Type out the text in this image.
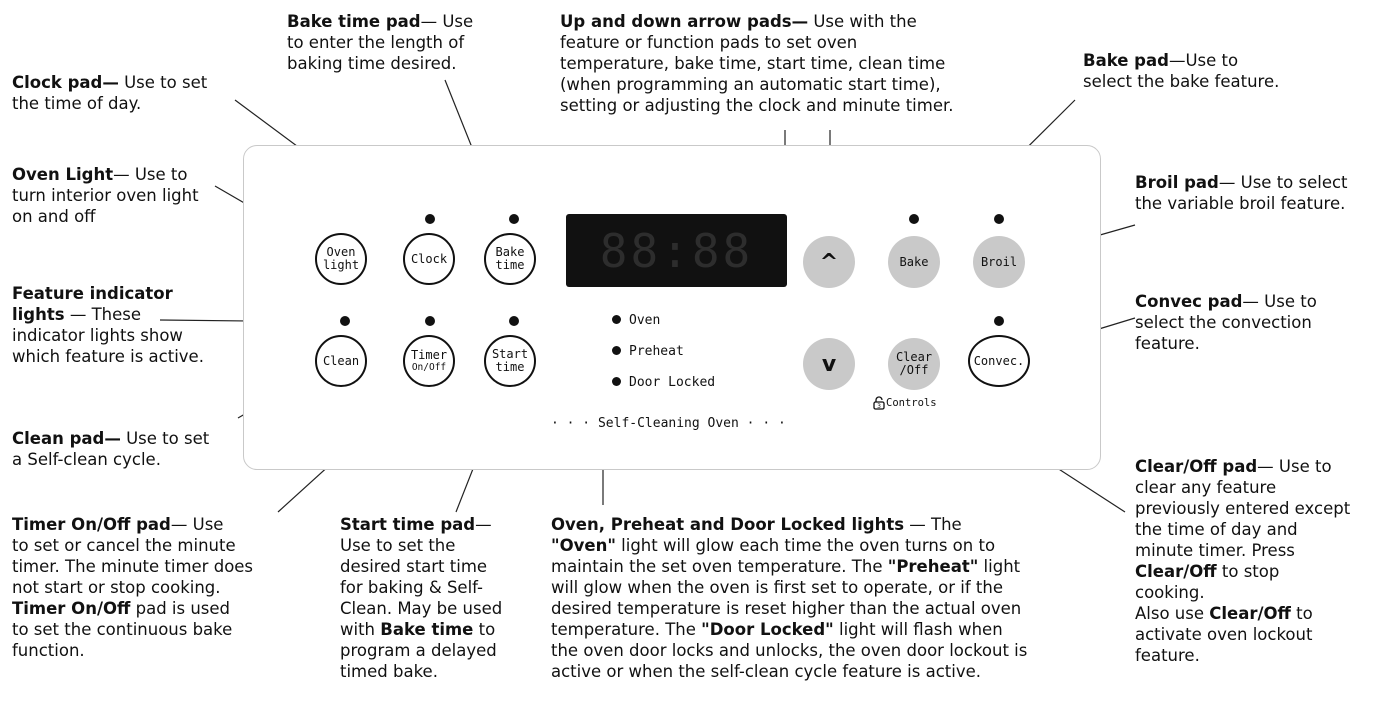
Bake time pad— Use
to enter the length of
baking time desired.

Clock pad— Use to set
the time of day.

Oven Light— Use to
turn interior oven light
on and off

Feature indicator
lights — These
indicator lights show
which feature is active.

Clean pad— Use to set
a Self-clean cycle.

Timer On/Off pad— Use
to set or cancel the minute
timer. The minute timer does
not start or stop cooking.
Timer On/Off pad is used
to set the continuous bake
function.

Start time pad—
Use to set the
desired start time
for baking & Self-
Clean. May be used
with Bake time to
program a delayed
timed bake.

Up and down arrow pads— Use with the
feature or function pads to set oven
temperature, bake time, start time, clean time
(when programming an automatic start time),
setting or adjusting the clock and minute timer.

Bake pad—Use to
select the bake feature.

Broil pad— Use to select
the variable broil feature.

Convec pad— Use to
select the convection
feature.

Clear/Off pad— Use to
clear any feature
previously entered except
the time of day and
minute timer. Press
Clear/Off to stop
cooking.
Also use Clear/Off to
activate oven lockout
feature.

Oven, Preheat and Door Locked lights — The
"Oven" light will glow each time the oven turns on to
maintain the set oven temperature. The "Preheat" light
will glow when the oven is first set to operate, or if the
desired temperature is reset higher than the actual oven
temperature. The "Door Locked" light will flash when
the oven door locks and unlocks, the oven door lockout is
active or when the self-clean cycle feature is active.

Oven
light	Clock	Bake
time
Clean	Timer
On/Off
Start
time
^
v
Bake	Broil
Clear
/Off
Convec.
3 Controls
88:88
Oven
Preheat
Door Locked
· · · Self-Cleaning Oven · · ·
